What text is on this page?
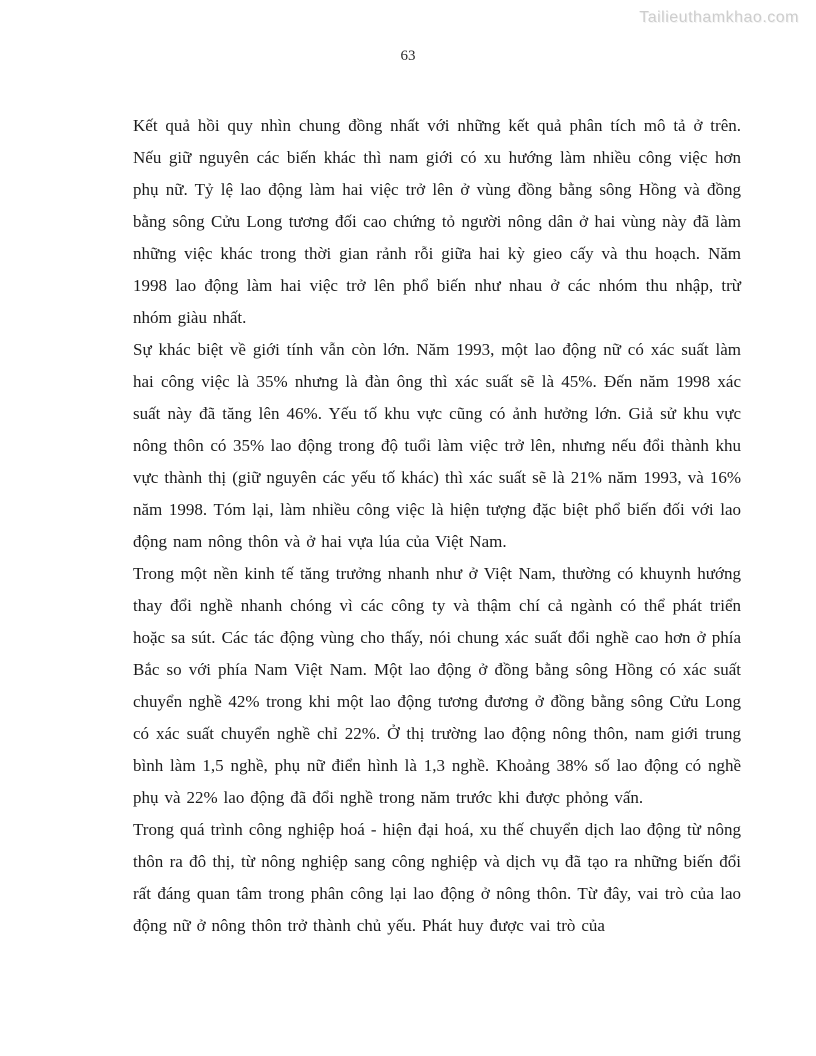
Tailieuthamkhao.com
63

Kết quả hồi quy nhìn chung đồng nhất với những kết quả phân tích mô tả ở trên. Nếu giữ nguyên các biến khác thì nam giới có xu hướng làm nhiều công việc hơn phụ nữ. Tỷ lệ lao động làm hai việc trở lên ở vùng đồng bằng sông Hồng và đồng bằng sông Cửu Long tương đối cao chứng tỏ người nông dân ở hai vùng này đã làm những việc khác trong thời gian rảnh rỗi giữa hai kỳ gieo cấy và thu hoạch. Năm 1998 lao động làm hai việc trở lên phổ biến như nhau ở các nhóm thu nhập, trừ nhóm giàu nhất.

Sự khác biệt về giới tính vẫn còn lớn. Năm 1993, một lao động nữ có xác suất làm hai công việc là 35% nhưng là đàn ông thì xác suất sẽ là 45%. Đến năm 1998 xác suất này đã tăng lên 46%. Yếu tố khu vực cũng có ảnh hưởng lớn. Giả sử khu vực nông thôn có 35% lao động trong độ tuổi làm việc trở lên, nhưng nếu đổi thành khu vực thành thị (giữ nguyên các yếu tố khác) thì xác suất sẽ là 21% năm 1993, và 16% năm 1998. Tóm lại, làm nhiều công việc là hiện tượng đặc biệt phổ biến đối với lao động nam nông thôn và ở hai vựa lúa của Việt Nam.

Trong một nền kinh tế tăng trưởng nhanh như ở Việt Nam, thường có khuynh hướng thay đổi nghề nhanh chóng vì các công ty và thậm chí cả ngành có thể phát triển hoặc sa sút. Các tác động vùng cho thấy, nói chung xác suất đổi nghề cao hơn ở phía Bắc so với phía Nam Việt Nam. Một lao động ở đồng bằng sông Hồng có xác suất chuyển nghề 42% trong khi một lao động tương đương ở đồng bằng sông Cửu Long có xác suất chuyển nghề chỉ 22%. Ở thị trường lao động nông thôn, nam giới trung bình làm 1,5 nghề, phụ nữ điển hình là 1,3 nghề. Khoảng 38% số lao động có nghề phụ và 22% lao động đã đổi nghề trong năm trước khi được phỏng vấn.

Trong quá trình công nghiệp hoá - hiện đại hoá, xu thế chuyển dịch lao động từ nông thôn ra đô thị, từ nông nghiệp sang công nghiệp và dịch vụ đã tạo ra những biến đổi rất đáng quan tâm trong phân công lại lao động ở nông thôn. Từ đây, vai trò của lao động nữ ở nông thôn trở thành chủ yếu. Phát huy được vai trò của
